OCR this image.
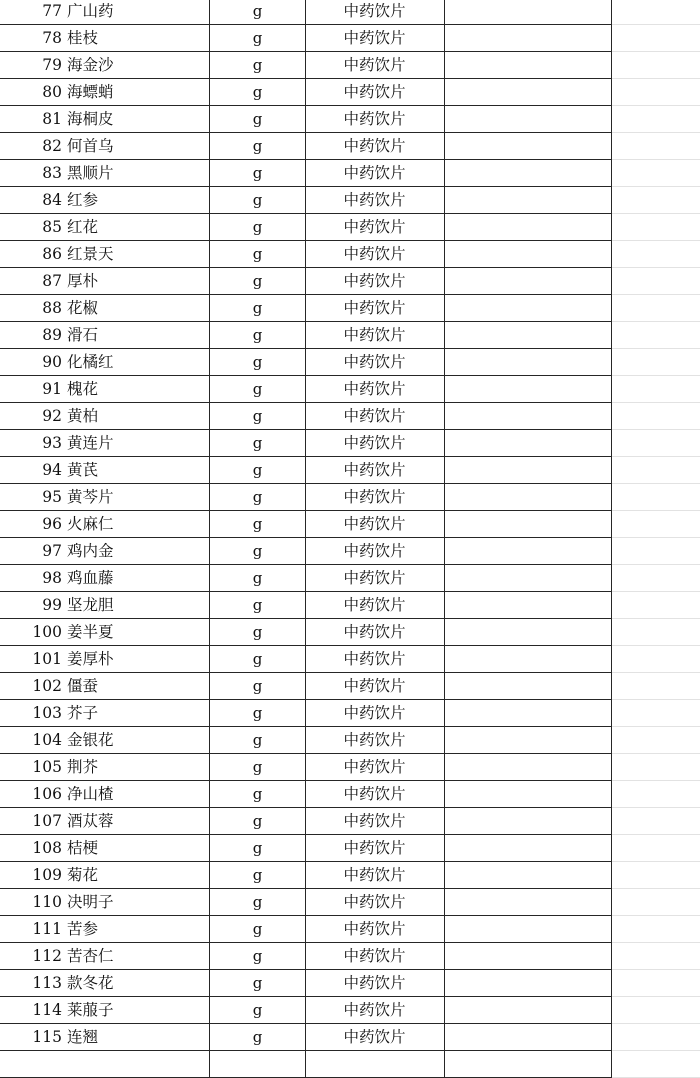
77 广山药	g	中药饮片
78 桂枝	g	中药饮片
79 海金沙	g	中药饮片
80 海螵蛸	g	中药饮片
81 海桐皮	g	中药饮片
82 何首乌	g	中药饮片
83 黑顺片	g	中药饮片
84 红参	g	中药饮片
85 红花	g	中药饮片
86 红景天	g	中药饮片
87 厚朴	g	中药饮片
88 花椒	g	中药饮片
89 滑石	g	中药饮片
90 化橘红	g	中药饮片
91 槐花	g	中药饮片
92 黄柏	g	中药饮片
93 黄连片	g	中药饮片
94 黄芪	g	中药饮片
95 黄芩片	g	中药饮片
96 火麻仁	g	中药饮片
97 鸡内金	g	中药饮片
98 鸡血藤	g	中药饮片
99 坚龙胆	g	中药饮片
100 姜半夏	g	中药饮片
101 姜厚朴	g	中药饮片
102 僵蚕	g	中药饮片
103 芥子	g	中药饮片
104 金银花	g	中药饮片
105 荆芥	g	中药饮片
106 净山楂	g	中药饮片
107 酒苁蓉	g	中药饮片
108 桔梗	g	中药饮片
109 菊花	g	中药饮片
110 决明子	g	中药饮片
111 苦参	g	中药饮片
112 苦杏仁	g	中药饮片
113 款冬花	g	中药饮片
114 莱菔子	g	中药饮片
115 连翘	g	中药饮片
